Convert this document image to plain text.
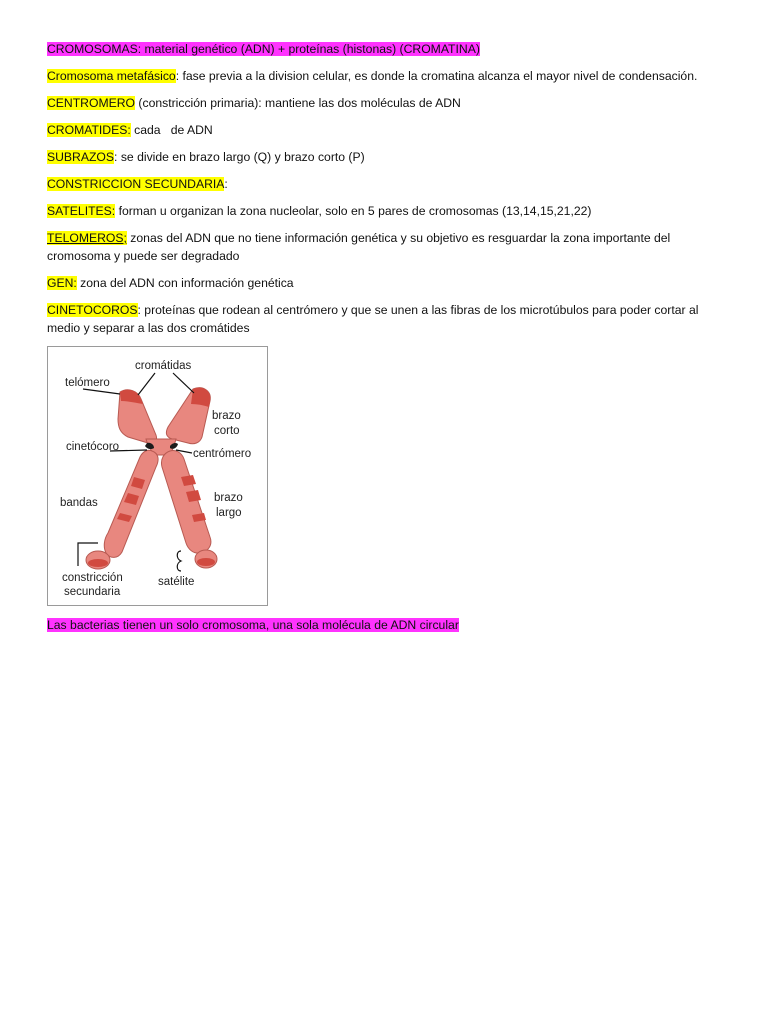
CROMOSOMAS: material genético (ADN) + proteínas (histonas) (CROMATINA)

Cromosoma metafásico: fase previa a la division celular, es donde la cromatina alcanza el mayor nivel de condensación.

CENTROMERO (constricción primaria): mantiene las dos moléculas de ADN

CROMATIDES: cada   de ADN

SUBRAZOS: se divide en brazo largo (Q) y brazo corto (P)

CONSTRICCION SECUNDARIA:

SATELITES: forman u organizan la zona nucleolar, solo en 5 pares de cromosomas (13,14,15,21,22)

TELOMEROS; zonas del ADN que no tiene información genética y su objetivo es resguardar la zona importante del cromosoma y puede ser degradado

GEN: zona del ADN con información genética

CINETOCOROS: proteínas que rodean al centrómero y que se unen a las fibras de los microtúbulos para poder cortar al medio y separar a las dos cromátides

cromátidas
telómero
brazo
corto
cinetócoro
centrómero
bandas	brazo
largo
constricción
secundaria
satélite

Las bacterias tienen un solo cromosoma, una sola molécula de ADN circular
